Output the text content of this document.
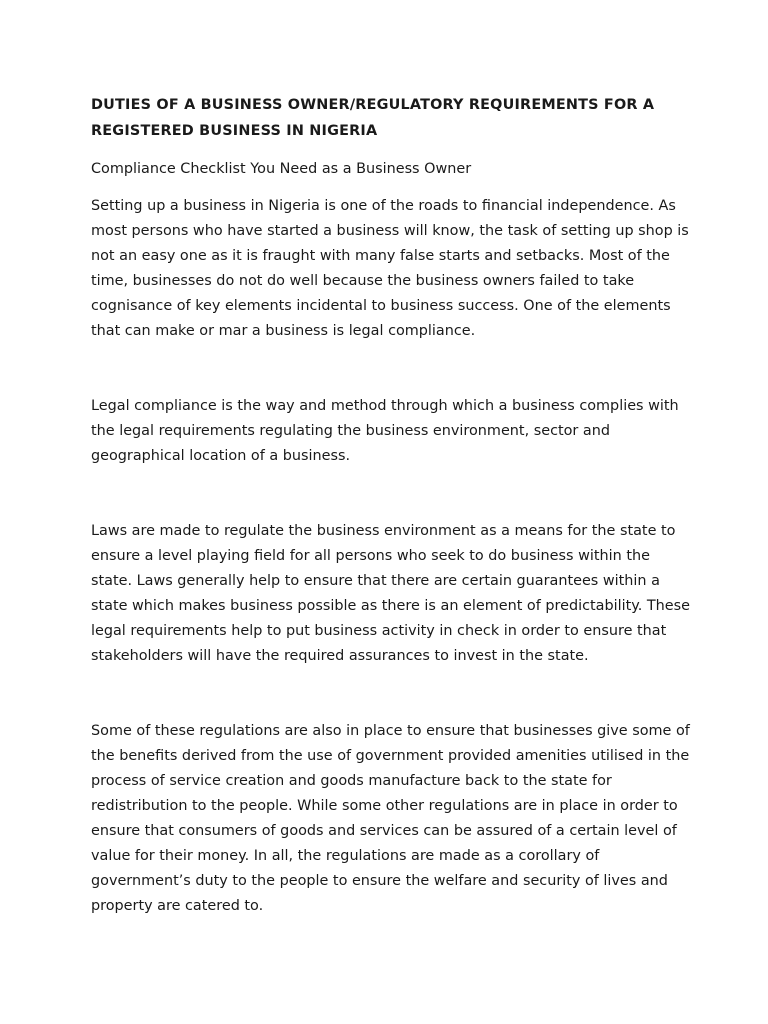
DUTIES OF A BUSINESS OWNER/REGULATORY REQUIREMENTS FOR A
REGISTERED BUSINESS IN NIGERIA

Compliance Checklist You Need as a Business Owner

Setting up a business in Nigeria is one of the roads to financial independence. As most persons who have started a business will know, the task of setting up shop is not an easy one as it is fraught with many false starts and setbacks. Most of the time, businesses do not do well because the business owners failed to take cognisance of key elements incidental to business success. One of the elements that can make or mar a business is legal compliance.

Legal compliance is the way and method through which a business complies with the legal requirements regulating the business environment, sector and geographical location of a business.

Laws are made to regulate the business environment as a means for the state to ensure a level playing field for all persons who seek to do business within the state. Laws generally help to ensure that there are certain guarantees within a state which makes business possible as there is an element of predictability. These legal requirements help to put business activity in check in order to ensure that stakeholders will have the required assurances to invest in the state.

Some of these regulations are also in place to ensure that businesses give some of the benefits derived from the use of government provided amenities utilised in the process of service creation and goods manufacture back to the state for redistribution to the people. While some other regulations are in place in order to ensure that consumers of goods and services can be assured of a certain level of value for their money. In all, the regulations are made as a corollary of government’s duty to the people to ensure the welfare and security of lives and property are catered to.
